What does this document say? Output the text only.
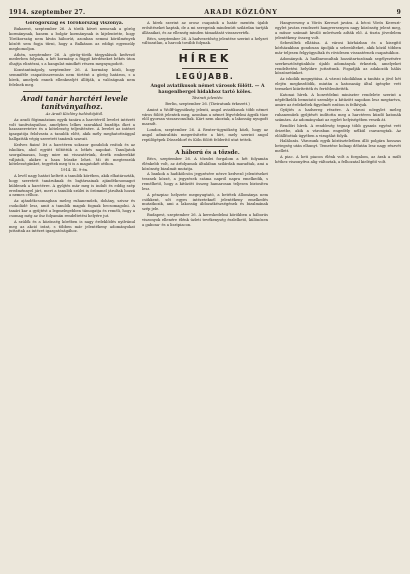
1914. szeptember 27.	ARADI KÖZLÖNY	9

Görögország és Törökország viszonya.

Bukarest, szeptember 26. A török követ nemcsak a görög kormánynak, hanem a bolgár kormánynak is kijelentette, hogy Törökország nem kíván háborút, azonban semmi körülmények között sem fogja tűrni, hogy a Balkánon az eddigi egyensúly megbomoljon.

Athén, szeptember 26. A görög-török tárgyalások kedvező mederben folynak, a két kormány a függő kérdéseket békés úton óhajtja elintézni, s a hangulat mindkét részen megnyugodott.

Konstantinápoly, szeptember 26. A kormány közli, hogy semmiféle csapatösszevonás nem történt a görög határon, s a hírek, amelyek ennek ellenkezőjét állítják, a valóságnak nem felelnek meg.

Aradi tanár harctéri levele tanítványaihoz.

Az Aradi Közlöny tudósítójától.

Az aradi főgimnázium egyik tanára a harctérről levelet intézett volt tanítványaihoz, amelyben lelkes szavakkal buzdítja őket a hazaszeretetre és a kötelesség teljesítésére. A levelet az intézet igazgatója felolvasta a tanulók előtt, akik mély meghatottsággal hallgatták végig szeretett tanáruk szavait.

Kedves fiaim! Itt a harctéren sokszor gondolok reátok és az iskolára, ahol együtt töltöttük a békés napokat. Tanuljatok szorgalmasan, hogy mire mi visszatérünk, derék emberekké váljatok, akikre a haza büszke lehet. Mi itt megtesszük kötelességünket, tegyétek meg ti is a magatokét otthon.

1914. IX. 9-én.

A levél nagy hatást keltett a tanulók körében, akik elhatározták, hogy szeretett tanáruknak és bajtársainak ajándékcsomagot küldenek a harctérre. A gyűjtés már meg is indult és eddig szép eredménnyel járt, mert a tanulók szülei is örömmel járultak hozzá a nemes célhoz.

Az ajándékcsomagban meleg ruhaneműek, dohány, szivar és csokoládé lesz, amit a tanulók maguk fognak becsomagolni. A tanári kar a gyűjtést a legmelegebben támogatja és reméli, hogy a csomag még az ősz folyamán rendeltetési helyére jut.

A szülők és a közönség körében is nagy érdeklődés nyilvánul meg az akció iránt, s többen már jelentékeny adományokat juttattak az intézet igazgatóságához.

A hírek szerint az orosz csapatok a határ mentén újabb erősítéseket kaptak, de a mi seregeink mindenütt szilárdan tartják állásaikat, és az ellenség minden támadását visszaverték.

Bécs, szeptember 26. A hadvezetőség jelentése szerint a helyzet változatlan, a harcok tovább folynak.

HÍREK
LEGÚJABB.

Angol aviatikusok német városok fölött. — A haugenlbergei hidakhoz tartó köles.

Távirati jelentés:

Berlin, szeptember 26. (Táviratunk érkezett.)

Amint a Wolff-ügynökség jelenti, angol aviatikusok több német város fölött jelentek meg, azonban a német légvédelmi ágyúk tüze elől gyorsan visszavonultak. Kárt nem okoztak, a lakosság nyugodt maradt.

London, szeptember 26. A Reuter-ügynökség közli, hogy az angol admiralitás megerősítette a hírt, mely szerint angol repülőgépek Düsseldorf és Köln fölött felderítő utat tettek.

A háború és a tőzsde.

Bécs, szeptember 26. A tőzsdei forgalom a hét folyamán élénkebb volt, az árfolyamok általában szilárdak maradtak, ami a közönség bizalmát mutatja.

A bankok a hadikölcsön jegyzésére nézve kedvező jelentéseket tesznek közzé, a jegyzések száma napról napra emelkedik, s remélhető, hogy a kitűzött összeg hamarosan teljesen biztosítva lesz.

A pénzpiac helyzete megnyugtató, a betétek állománya nem csökkent, sőt egyes intézeteknél jelentékeny emelkedés mutatkozik, ami a lakosság áldozatkészségének és bizalmának szép jele.

Budapest, szeptember 26. A kereskedelmi körökben a háborús viszonyok ellenére élénk üzleti tevékenység észlelhető, különösen a gabona- és a lisztpiacon.

Hangverseny a Vörös Kereszt javára. A bécsi Vörös Kereszt-egylet javára rendezett hangversenyen nagy közönség jelent meg, a műsor számait kiváló művészek adták elő. A tiszta jövedelem jelentékeny összeg volt.

Sebesültek ellátása. A városi kórházban és a kisegítő kórházakban gondosan ápolják a sebesülteket, akik közül többen már teljesen felgyógyultak és rövidesen visszatérnek csapatukhoz.

Adományok. A hadbavonultak hozzátartozóinak segélyezésére szerkesztőségünkhöz újabb adományok érkeztek, amelyeket rendeltetési helyükre juttattunk. Fogadják az adakozók hálás köszönetünket.

Az iskolák megnyitása. A városi iskolákban a tanítás a jövő hét elején megkezdődik, miután a katonaság által igénybe vett termeket kiürítették és fertőtlenítették.

Katonai hírek. A honvédelmi miniszter rendelete szerint a népfelkelők bemutató szemléje a kitűzött napokon lesz megtartva, amire az érdekeltek figyelmét ezúton is felhívjuk.

Gyűjtés a hadsereg részére. A városi nőegylet meleg ruhaneműek gyűjtését indította meg a harctéren küzdő katonák számára. Az adományokat az egylet helyiségében veszik át.

Rendőri hírek. A rendőrség tegnap több gyanús egyént vett őrizetbe, akik a városban engedély nélkül csavarogtak. Az előállítottak ügyében a vizsgálat folyik.

Halálozás. Városunk egyik köztiszteletben álló polgára hosszas betegség után elhunyt. Temetése holnap délután lesz nagy részvét mellett.

A piac. A heti piacon élénk volt a forgalom, az árak a múlt héthez viszonyítva alig változtak, a felhozatal kielégítő volt.
